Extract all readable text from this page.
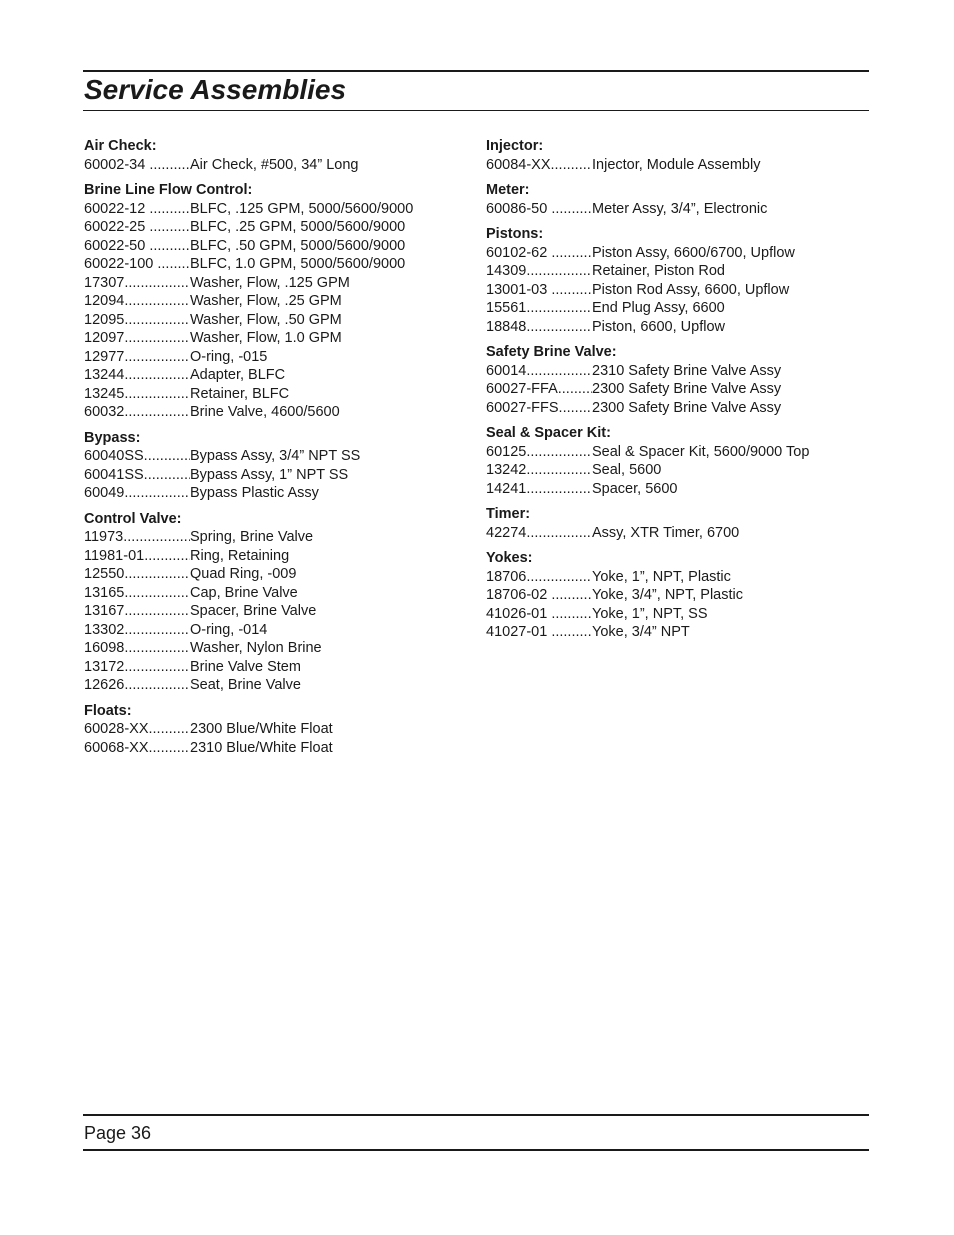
Service Assemblies
Air Check:
60002-34 .....	Air Check, #500, 34” Long
Brine Line Flow Control:
60022-12 .....	BLFC, .125 GPM, 5000/5600/9000
60022-25 .....	BLFC, .25 GPM, 5000/5600/9000
60022-50 .....	BLFC, .50 GPM, 5000/5600/9000
60022-100 .....	BLFC, 1.0 GPM, 5000/5600/9000
17307 .....	Washer, Flow, .125 GPM
12094 .....	Washer, Flow, .25 GPM
12095 .....	Washer, Flow, .50 GPM
12097 .....	Washer, Flow, 1.0 GPM
12977 .....	O-ring, -015
13244 .....	Adapter, BLFC
13245 .....	Retainer, BLFC
60032 .....	Brine Valve, 4600/5600
Bypass:
60040SS .....	Bypass Assy, 3/4” NPT SS
60041SS .....	Bypass Assy, 1” NPT SS
60049 .....	Bypass Plastic Assy
Control Valve:
11973 .....	Spring, Brine Valve
11981-01 .....	Ring, Retaining
12550 .....	Quad Ring, -009
13165 .....	Cap, Brine Valve
13167 .....	Spacer, Brine Valve
13302 .....	O-ring, -014
16098 .....	Washer, Nylon Brine
13172 .....	Brine Valve Stem
12626 .....	Seat, Brine Valve
Floats:
60028-XX .....	2300 Blue/White Float
60068-XX .....	2310 Blue/White Float
Injector:
60084-XX .....	Injector, Module Assembly
Meter:
60086-50 .....	Meter Assy, 3/4”, Electronic
Pistons:
60102-62 .....	Piston Assy, 6600/6700, Upflow
14309 .....	Retainer, Piston Rod
13001-03 .....	Piston Rod Assy, 6600, Upflow
15561 .....	End Plug Assy, 6600
18848 .....	Piston, 6600, Upflow
Safety Brine Valve:
60014 .....	2310 Safety Brine Valve Assy
60027-FFA .....	2300 Safety Brine Valve Assy
60027-FFS .....	2300 Safety Brine Valve Assy
Seal & Spacer Kit:
60125 .....	Seal & Spacer Kit, 5600/9000 Top
13242 .....	Seal, 5600
14241 .....	Spacer, 5600
Timer:
42274 .....	Assy, XTR Timer, 6700
Yokes:
18706 .....	Yoke, 1”, NPT, Plastic
18706-02 .....	Yoke, 3/4”, NPT, Plastic
41026-01 .....	Yoke, 1”, NPT, SS
41027-01 .....	Yoke, 3/4” NPT
Page 36
